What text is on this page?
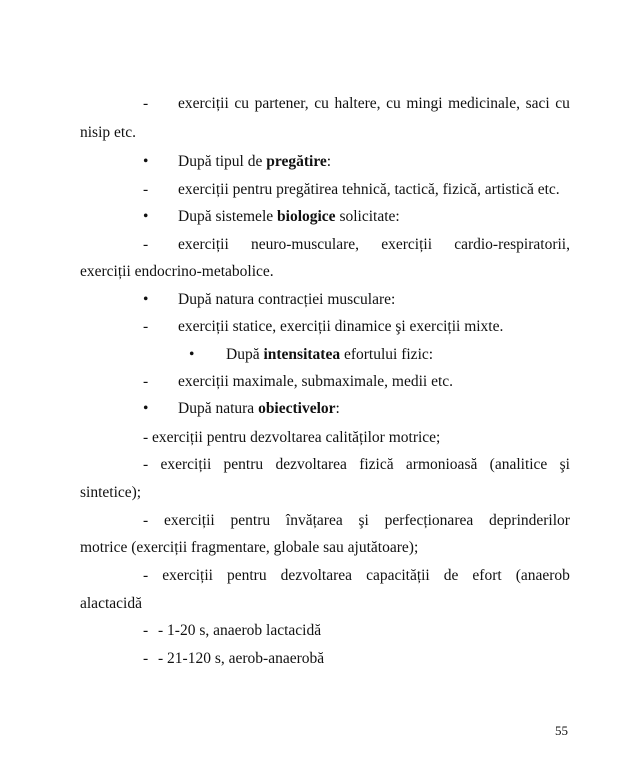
- exerciții cu partener, cu haltere, cu mingi medicinale, saci cu
nisip etc.
• După tipul de pregătire:
- exerciții pentru pregătirea tehnică, tactică, fizică, artistică etc.
• După sistemele biologice solicitate:
- exerciții neuro-musculare, exerciții cardio-respiratorii,
exerciții endocrino-metabolice.
• După natura contracției musculare:
- exerciții statice, exerciții dinamice şi exerciții mixte.
• După intensitatea efortului fizic:
- exerciții maximale, submaximale, medii etc.
• După natura obiectivelor:
- exerciții pentru dezvoltarea calităților motrice;
- exerciții pentru dezvoltarea fizică armonioasă (analitice şi
sintetice);
- exerciții pentru învățarea şi perfecționarea deprinderilor
motrice (exerciții fragmentare, globale sau ajutătoare);
- exerciții pentru dezvoltarea capacității de efort (anaerob
alactacidă
- - 1-20 s, anaerob lactacidă
- - 21-120 s, aerob-anaerobă
55
